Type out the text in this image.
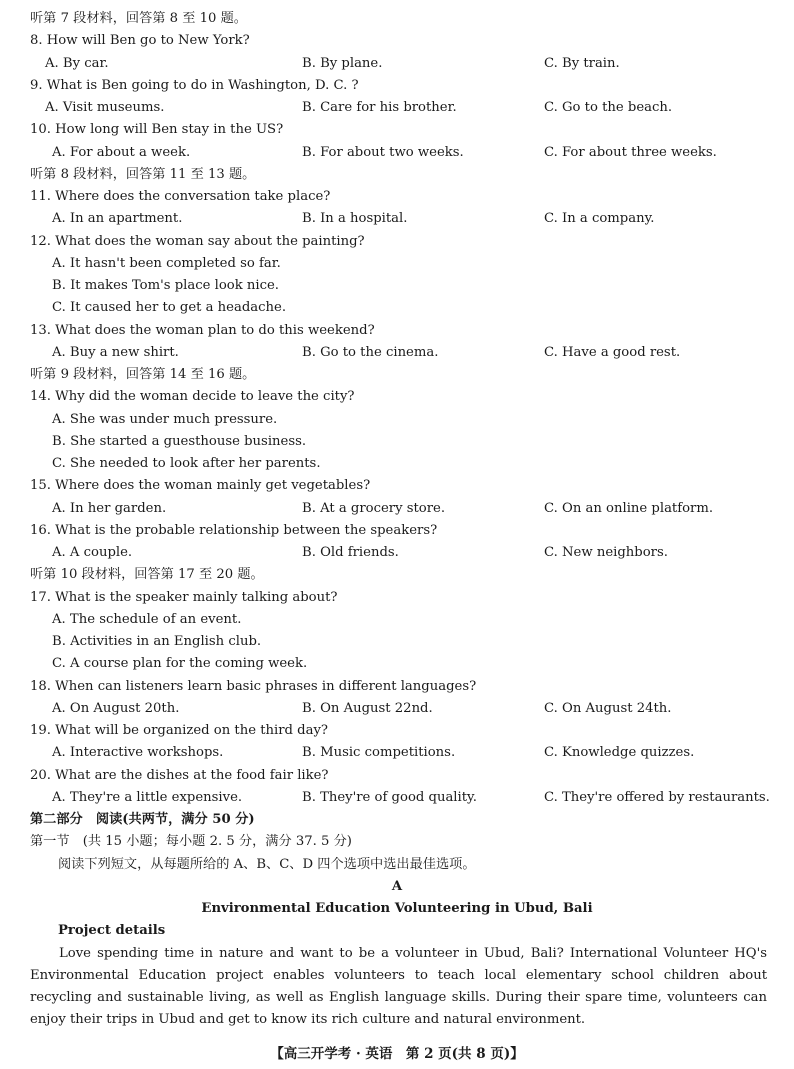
听第 7 段材料，回答第 8 至 10 题。
8. How will Ben go to New York?
A. By car.	B. By plane.	C. By train.
9. What is Ben going to do in Washington, D. C. ?
A. Visit museums.	B. Care for his brother.	C. Go to the beach.
10. How long will Ben stay in the US?
A. For about a week.	B. For about two weeks.	C. For about three weeks.
听第 8 段材料，回答第 11 至 13 题。
11. Where does the conversation take place?
A. In an apartment.	B. In a hospital.	C. In a company.
12. What does the woman say about the painting?
A. It hasn't been completed so far.
B. It makes Tom's place look nice.
C. It caused her to get a headache.
13. What does the woman plan to do this weekend?
A. Buy a new shirt.	B. Go to the cinema.	C. Have a good rest.
听第 9 段材料，回答第 14 至 16 题。
14. Why did the woman decide to leave the city?
A. She was under much pressure.
B. She started a guesthouse business.
C. She needed to look after her parents.
15. Where does the woman mainly get vegetables?
A. In her garden.	B. At a grocery store.	C. On an online platform.
16. What is the probable relationship between the speakers?
A. A couple.	B. Old friends.	C. New neighbors.
听第 10 段材料，回答第 17 至 20 题。
17. What is the speaker mainly talking about?
A. The schedule of an event.
B. Activities in an English club.
C. A course plan for the coming week.
18. When can listeners learn basic phrases in different languages?
A. On August 20th.	B. On August 22nd.	C. On August 24th.
19. What will be organized on the third day?
A. Interactive workshops.	B. Music competitions.	C. Knowledge quizzes.
20. What are the dishes at the food fair like?
A. They're a little expensive.	B. They're of good quality.	C. They're offered by restaurants.
第二部分　阅读(共两节，满分 50 分)
第一节　(共 15 小题；每小题 2. 5 分，满分 37. 5 分)
阅读下列短文，从每题所给的 A、B、C、D 四个选项中选出最佳选项。
A
Environmental Education Volunteering in Ubud, Bali
Project details

Love spending time in nature and want to be a volunteer in Ubud, Bali? International Volunteer HQ's Environmental Education project enables volunteers to teach local elementary school children about recycling and sustainable living, as well as English language skills. During their spare time, volunteers can enjoy their trips in Ubud and get to know its rich culture and natural environment.

【高三开学考 · 英语　第 2 页(共 8 页)】
